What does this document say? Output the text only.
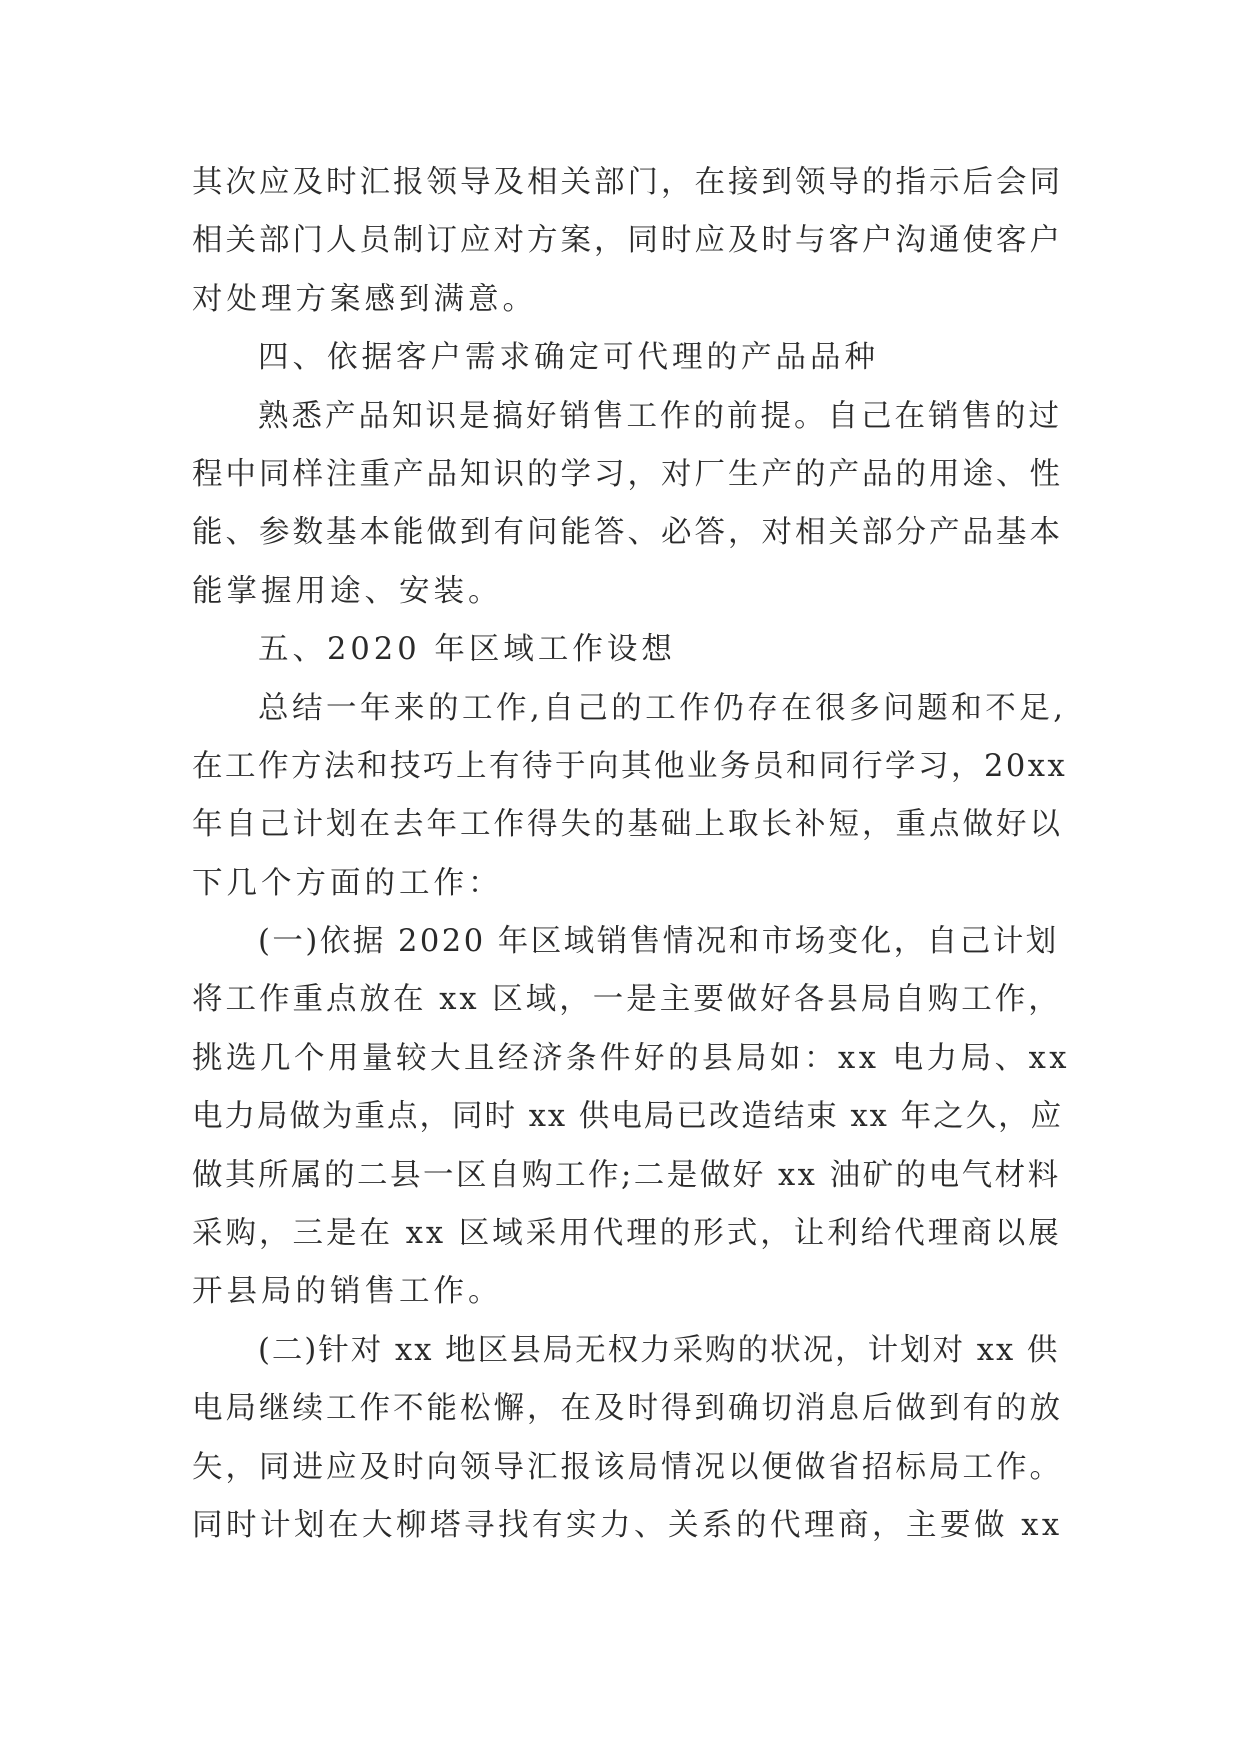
其次应及时汇报领导及相关部门，在接到领导的指示后会同
相关部门人员制订应对方案，同时应及时与客户沟通使客户
对处理方案感到满意。
四、依据客户需求确定可代理的产品品种
熟悉产品知识是搞好销售工作的前提。自己在销售的过
程中同样注重产品知识的学习，对厂生产的产品的用途、性
能、参数基本能做到有问能答、必答，对相关部分产品基本
能掌握用途、安装。
五、2020 年区域工作设想
总结一年来的工作,自己的工作仍存在很多问题和不足,
在工作方法和技巧上有待于向其他业务员和同行学习，20xx
年自己计划在去年工作得失的基础上取长补短，重点做好以
下几个方面的工作：
(一)依据 2020 年区域销售情况和市场变化，自己计划
将工作重点放在 xx 区域，一是主要做好各县局自购工作，
挑选几个用量较大且经济条件好的县局如：xx 电力局、xx
电力局做为重点，同时 xx 供电局已改造结束 xx 年之久，应
做其所属的二县一区自购工作;二是做好 xx 油矿的电气材料
采购，三是在 xx 区域采用代理的形式，让利给代理商以展
开县局的销售工作。
(二)针对 xx 地区县局无权力采购的状况，计划对 xx 供
电局继续工作不能松懈，在及时得到确切消息后做到有的放
矢，同进应及时向领导汇报该局情况以便做省招标局工作。
同时计划在大柳塔寻找有实力、关系的代理商，主要做 xx
